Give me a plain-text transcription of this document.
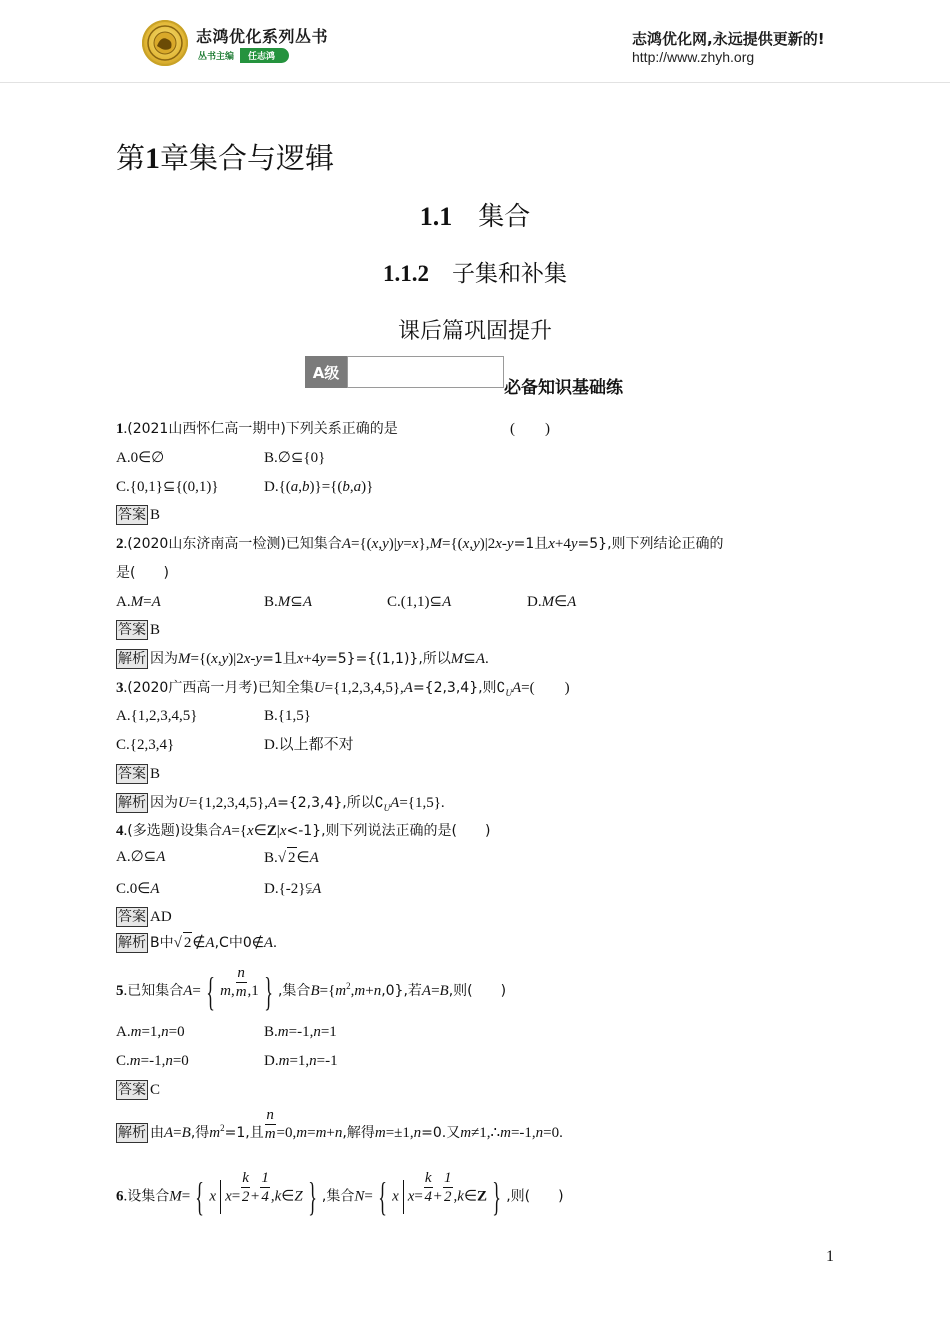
志鸿优化系列丛书
丛书主编	任志鸿
志鸿优化网,永远提供更新的!
http://www.zhyh.org
第1章集合与逻辑
1.1　 集合
1.1.2　 子集和补集
课后篇巩固提升
A级
必备知识基础练
1.(2021山西怀仁高一期中)下列关系正确的是	(　　)
A.0∈∅	B.∅⊆{0}
C.{0,1}⊆{(0,1)}	D.{(a,b)}={(b,a)}
答案 B
2.(2020山东济南高一检测)已知集合A={(x,y)|y=x},M={(x,y)|2x-y=1且x+4y=5},则下列结论正确的
是(　　)
A.M=A	B.M⊆A	C.(1,1)⊆A	D.M∈A
答案 B
解析 因为M={(x,y)|2x-y=1且x+4y=5}={(1,1)},所以M⊆A.
3.(2020广西高一月考)已知全集U={1,2,3,4,5},A={2,3,4},则$∁_UA=$(　　)
A.{1,2,3,4,5}	B.{1,5}
C.{2,3,4}	D.以上都不对
答案 B
解析 因为U={1,2,3,4,5},A={2,3,4},所以$∁_UA=\{1,5\}$.
4.(多选题)设集合A={x∈Z|x<-1},则下列说法正确的是(　　)
A.∅⊆A	B.√ 2∈A
C.0∈A	D.{-2}⫋A
答案 AD
解析 B中√ 2∉A,C中0∉A.
5.已知集合A= { m, $\frac{n}{m} ,1$ } ,集合$B=\{m^2,m+n,0\}$,若A=B,则(　　)
A.m=1,n=0	B.m=-1,n=1
C.m=-1,n=0	D.m=1,n=-1
答案 C
解析 由A=B,得$m^2=1$,且 $\frac{n}{m} =0,m=m+n$,解得m=±1,n=0.又m≠1,∴m=-1,n=0.
6.设集合M= { x $x= \frac{k}{2} + \frac{1}{4}$ ,k∈Z } ,集合N= { x $x= \frac{k}{4} + \frac{1}{2}$ ,k∈Z } ,则(　　)
1
